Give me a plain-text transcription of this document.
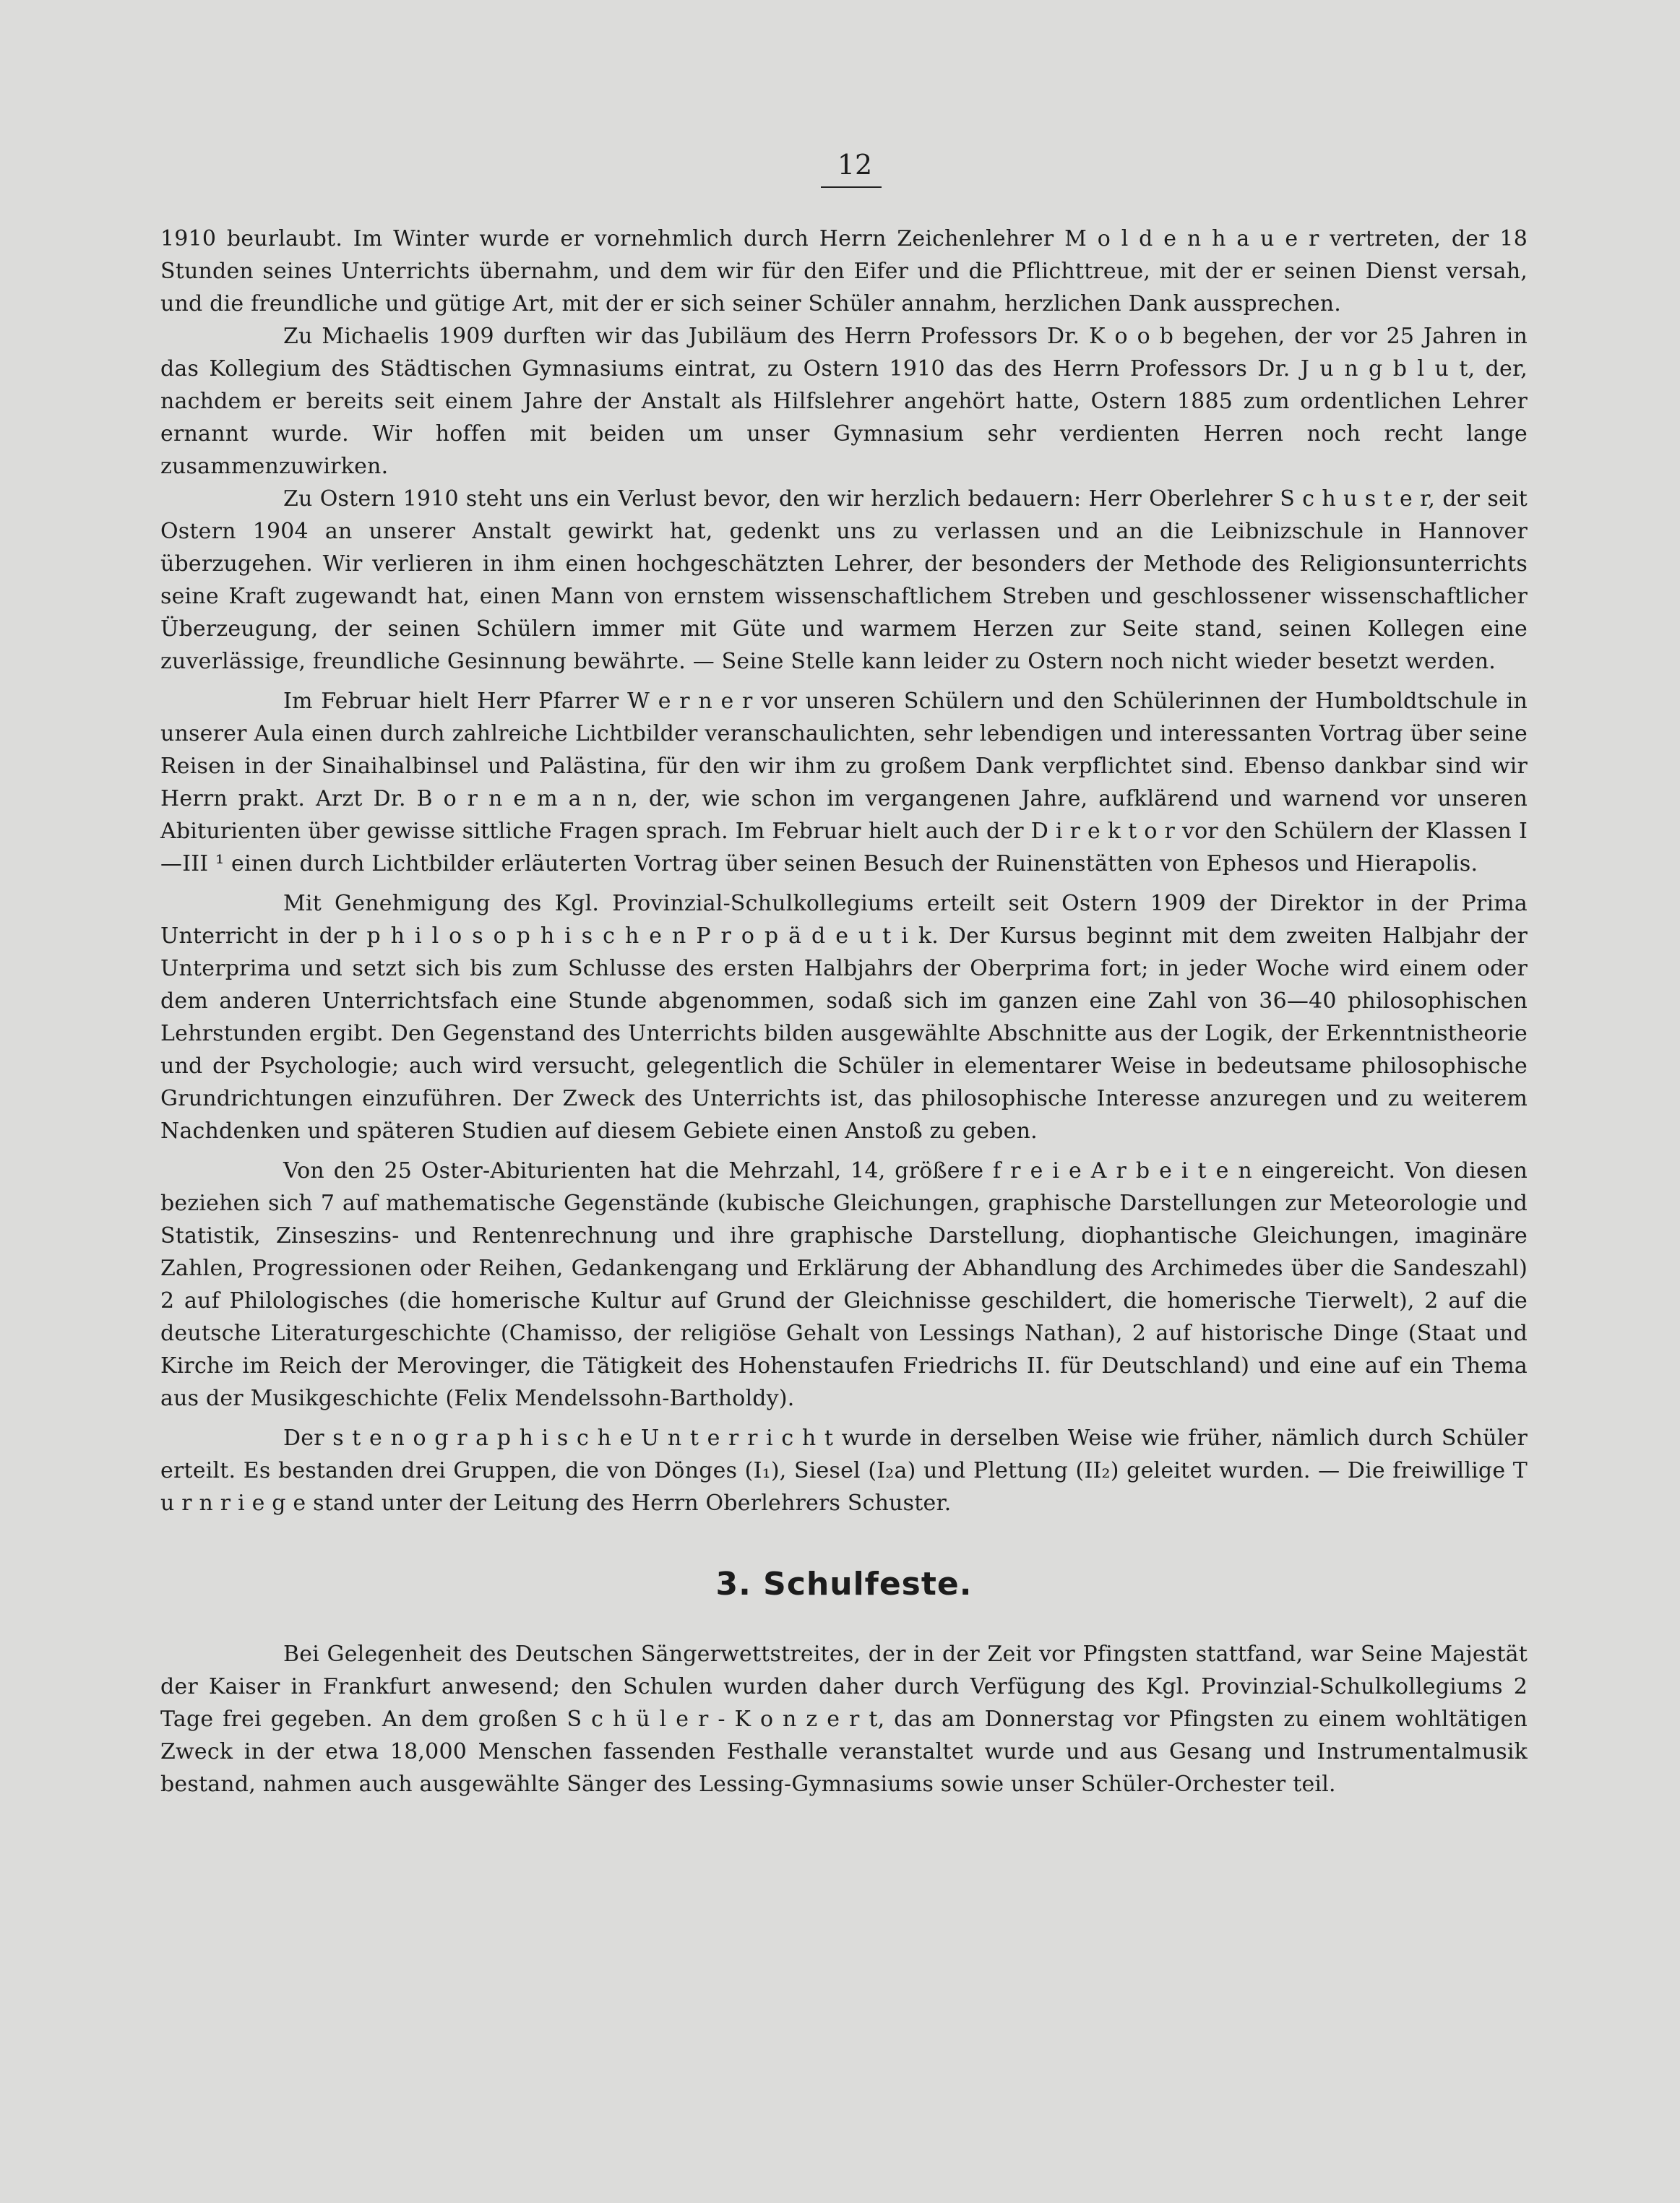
12

1910 beurlaubt. Im Winter wurde er vornehmlich durch Herrn Zeichenlehrer M o l d e n h a u e r vertreten, der 18 Stunden seines Unterrichts übernahm, und dem wir für den Eifer und die Pflichttreue, mit der er seinen Dienst versah, und die freundliche und gütige Art, mit der er sich seiner Schüler annahm, herzlichen Dank aussprechen.

Zu Michaelis 1909 durften wir das Jubiläum des Herrn Professors Dr. K o o b begehen, der vor 25 Jahren in das Kollegium des Städtischen Gymnasiums eintrat, zu Ostern 1910 das des Herrn Professors Dr. J u n g b l u t, der, nachdem er bereits seit einem Jahre der Anstalt als Hilfslehrer angehört hatte, Ostern 1885 zum ordentlichen Lehrer ernannt wurde. Wir hoffen mit beiden um unser Gymnasium sehr verdienten Herren noch recht lange zusammenzuwirken.

Zu Ostern 1910 steht uns ein Verlust bevor, den wir herzlich bedauern: Herr Oberlehrer S c h u s t e r, der seit Ostern 1904 an unserer Anstalt gewirkt hat, gedenkt uns zu verlassen und an die Leibnizschule in Hannover überzugehen. Wir verlieren in ihm einen hochgeschätzten Lehrer, der besonders der Methode des Religionsunterrichts seine Kraft zugewandt hat, einen Mann von ernstem wissenschaftlichem Streben und geschlossener wissenschaftlicher Überzeugung, der seinen Schülern immer mit Güte und warmem Herzen zur Seite stand, seinen Kollegen eine zuverlässige, freundliche Gesinnung bewährte. — Seine Stelle kann leider zu Ostern noch nicht wieder besetzt werden.

Im Februar hielt Herr Pfarrer W e r n e r vor unseren Schülern und den Schülerinnen der Humboldtschule in unserer Aula einen durch zahlreiche Lichtbilder veranschaulichten, sehr lebendigen und interessanten Vortrag über seine Reisen in der Sinaihalbinsel und Palästina, für den wir ihm zu großem Dank verpflichtet sind. Ebenso dankbar sind wir Herrn prakt. Arzt Dr. B o r n e m a n n, der, wie schon im vergangenen Jahre, aufklärend und warnend vor unseren Abiturienten über gewisse sittliche Fragen sprach. Im Februar hielt auch der D i r e k t o r vor den Schülern der Klassen I—III ¹ einen durch Lichtbilder erläuterten Vortrag über seinen Besuch der Ruinenstätten von Ephesos und Hierapolis.

Mit Genehmigung des Kgl. Provinzial-Schulkollegiums erteilt seit Ostern 1909 der Direktor in der Prima Unterricht in der p h i l o s o p h i s c h e n P r o p ä d e u t i k. Der Kursus beginnt mit dem zweiten Halbjahr der Unterprima und setzt sich bis zum Schlusse des ersten Halbjahrs der Oberprima fort; in jeder Woche wird einem oder dem anderen Unterrichtsfach eine Stunde abgenommen, sodaß sich im ganzen eine Zahl von 36—40 philosophischen Lehrstunden ergibt. Den Gegenstand des Unterrichts bilden ausgewählte Abschnitte aus der Logik, der Erkenntnistheorie und der Psychologie; auch wird versucht, gelegentlich die Schüler in elementarer Weise in bedeutsame philosophische Grundrichtungen einzuführen. Der Zweck des Unterrichts ist, das philosophische Interesse anzuregen und zu weiterem Nachdenken und späteren Studien auf diesem Gebiete einen Anstoß zu geben.

Von den 25 Oster-Abiturienten hat die Mehrzahl, 14, größere f r e i e A r b e i t e n eingereicht. Von diesen beziehen sich 7 auf mathematische Gegenstände (kubische Gleichungen, graphische Darstellungen zur Meteorologie und Statistik, Zinseszins- und Rentenrechnung und ihre graphische Darstellung, diophantische Gleichungen, imaginäre Zahlen, Progressionen oder Reihen, Gedankengang und Erklärung der Abhandlung des Archimedes über die Sandeszahl) 2 auf Philologisches (die homerische Kultur auf Grund der Gleichnisse geschildert, die homerische Tierwelt), 2 auf die deutsche Literaturgeschichte (Chamisso, der religiöse Gehalt von Lessings Nathan), 2 auf historische Dinge (Staat und Kirche im Reich der Merovinger, die Tätigkeit des Hohenstaufen Friedrichs II. für Deutschland) und eine auf ein Thema aus der Musikgeschichte (Felix Mendelssohn-Bartholdy).

Der s t e n o g r a p h i s c h e U n t e r r i c h t wurde in derselben Weise wie früher, nämlich durch Schüler erteilt. Es bestanden drei Gruppen, die von Dönges (I₁), Siesel (I₂a) und Plettung (II₂) geleitet wurden. — Die freiwillige T u r n r i e g e stand unter der Leitung des Herrn Oberlehrers Schuster.

3. Schulfeste.

Bei Gelegenheit des Deutschen Sängerwettstreites, der in der Zeit vor Pfingsten stattfand, war Seine Majestät der Kaiser in Frankfurt anwesend; den Schulen wurden daher durch Verfügung des Kgl. Provinzial-Schulkollegiums 2 Tage frei gegeben. An dem großen S c h ü l e r - K o n z e r t, das am Donnerstag vor Pfingsten zu einem wohltätigen Zweck in der etwa 18,000 Menschen fassenden Festhalle veranstaltet wurde und aus Gesang und Instrumentalmusik bestand, nahmen auch ausgewählte Sänger des Lessing-Gymnasiums sowie unser Schüler-Orchester teil.
